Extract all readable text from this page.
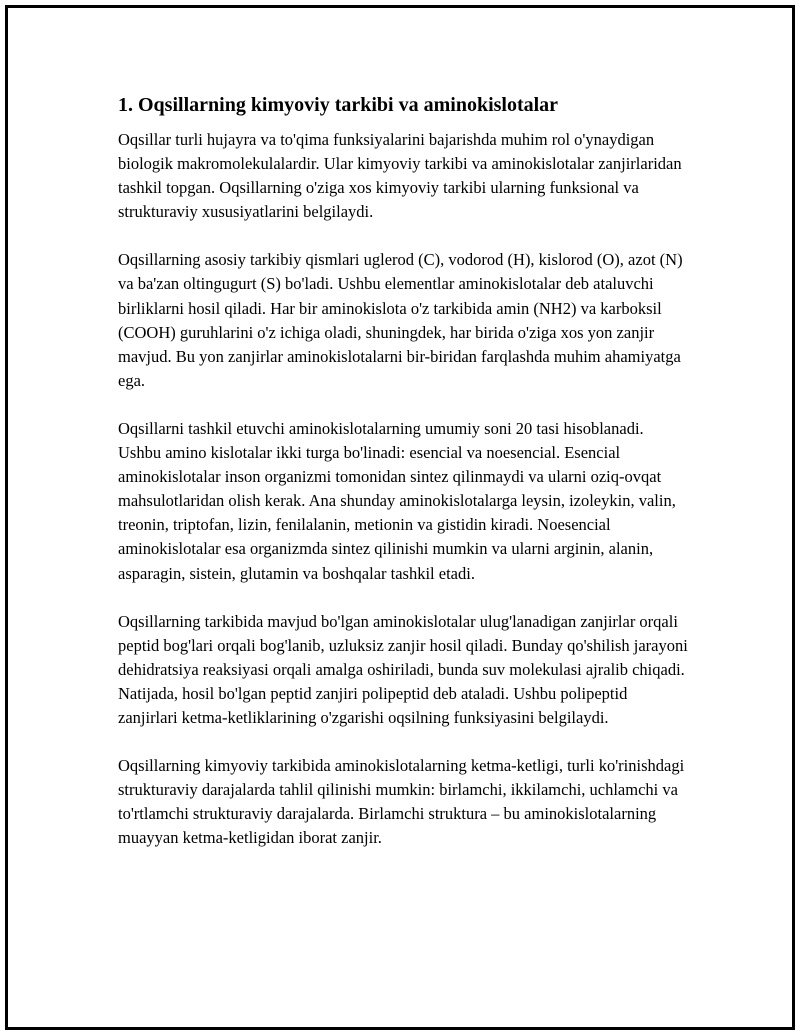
1. Oqsillarning kimyoviy tarkibi va aminokislotalar

Oqsillar turli hujayra va to'qima funksiyalarini bajarishda muhim rol o'ynaydigan biologik makromolekulalardir. Ular kimyoviy tarkibi va aminokislotalar zanjirlaridan tashkil topgan. Oqsillarning o'ziga xos kimyoviy tarkibi ularning funksional va strukturaviy xususiyatlarini belgilaydi.

Oqsillarning asosiy tarkibiy qismlari uglerod (C), vodorod (H), kislorod (O), azot (N) va ba'zan oltingugurt (S) bo'ladi. Ushbu elementlar aminokislotalar deb ataluvchi birliklarni hosil qiladi. Har bir aminokislota o'z tarkibida amin (NH2) va karboksil (COOH) guruhlarini o'z ichiga oladi, shuningdek, har birida o'ziga xos yon zanjir mavjud. Bu yon zanjirlar aminokislotalarni bir-biridan farqlashda muhim ahamiyatga ega.

Oqsillarni tashkil etuvchi aminokislotalarning umumiy soni 20 tasi hisoblanadi. Ushbu amino kislotalar ikki turga bo'linadi: esencial va noesencial. Esencial aminokislotalar inson organizmi tomonidan sintez qilinmaydi va ularni oziq-ovqat mahsulotlaridan olish kerak. Ana shunday aminokislotalarga leysin, izoleykin, valin, treonin, triptofan, lizin, fenilalanin, metionin va gistidin kiradi. Noesencial aminokislotalar esa organizmda sintez qilinishi mumkin va ularni arginin, alanin, asparagin, sistein, glutamin va boshqalar tashkil etadi.

Oqsillarning tarkibida mavjud bo'lgan aminokislotalar ulug'lanadigan zanjirlar orqali peptid bog'lari orqali bog'lanib, uzluksiz zanjir hosil qiladi. Bunday qo'shilish jarayoni dehidratsiya reaksiyasi orqali amalga oshiriladi, bunda suv molekulasi ajralib chiqadi. Natijada, hosil bo'lgan peptid zanjiri polipeptid deb ataladi. Ushbu polipeptid zanjirlari ketma-ketliklarining o'zgarishi oqsilning funksiyasini belgilaydi.

Oqsillarning kimyoviy tarkibida aminokislotalarning ketma-ketligi, turli ko'rinishdagi strukturaviy darajalarda tahlil qilinishi mumkin: birlamchi, ikkilamchi, uchlamchi va to'rtlamchi strukturaviy darajalarda. Birlamchi struktura – bu aminokislotalarning muayyan ketma-ketligidan iborat zanjir.
